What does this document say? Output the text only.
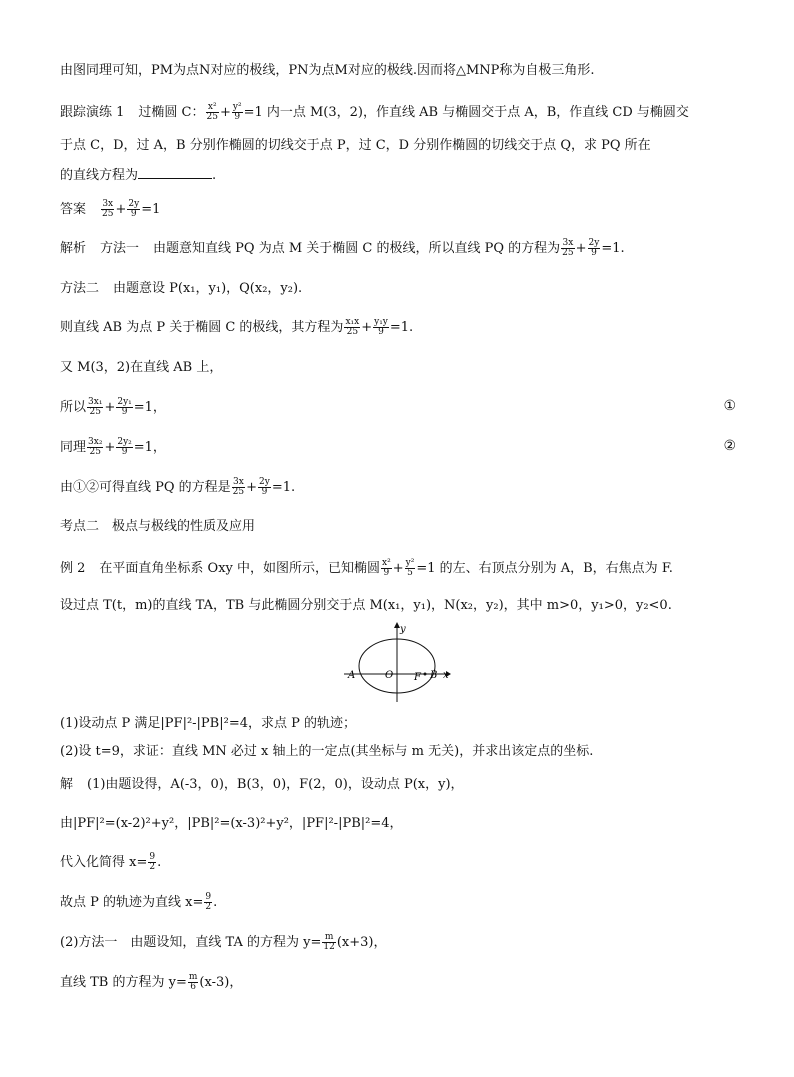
由图同理可知，PM为点N对应的极线，PN为点M对应的极线.因而将△MNP称为自极三角形.
跟踪演练 1 过椭圆 C： $\frac{\text{x²}}{25} + \frac{\text{y²}}{9} =1$ 内一点 M(3，2)，作直线 AB 与椭圆交于点 A，B，作直线 CD 与椭圆交
于点 C，D，过 A，B 分别作椭圆的切线交于点 P，过 C，D 分别作椭圆的切线交于点 Q，求 PQ 所在
的直线方程为	.
答案 $\frac{3x}{25} + \frac{2y}{9} =1$
解析 方法一 由题意知直线 PQ 为点 M 关于椭圆 C 的极线，所以直线 PQ 的方程为 $\frac{3x}{25} + \frac{2y}{9} =1$.
方法二 由题意设 P(x₁，y₁)，Q(x₂，y₂).
则直线 AB 为点 P 关于椭圆 C 的极线，其方程为 $\frac{\text{x₁x}}{25} + \frac{\text{y₁y}}{9} =1$.
又 M(3，2)在直线 AB 上，
所以 $\frac{\text{3x₁}}{25} + \frac{\text{2y₁}}{9} =1$，	①
同理 $\frac{\text{3x₂}}{25} + \frac{\text{2y₂}}{9} =1$，	②
由①②可得直线 PQ 的方程是 $\frac{3x}{25} + \frac{2y}{9} =1$.
考点二　极点与极线的性质及应用
例 2 在平面直角坐标系 Oxy 中，如图所示，已知椭圆 $\frac{\text{x²}}{9} + \frac{\text{y²}}{5} =1$ 的左、右顶点分别为 A，B，右焦点为 F.
设过点 T(t，m)的直线 TA，TB 与此椭圆分别交于点 M(x₁，y₁)，N(x₂，y₂)，其中 m>0，y₁>0，y₂<0.
y
x
A	O F B
(1)设动点 P 满足|PF|²-|PB|²=4，求点 P 的轨迹；
(2)设 t=9，求证：直线 MN 必过 x 轴上的一定点(其坐标与 m 无关)，并求出该定点的坐标.
解 (1)由题设得，A(-3，0)，B(3，0)，F(2，0)，设动点 P(x，y)，
由|PF|²=(x-2)²+y²，|PB|²=(x-3)²+y²，|PF|²-|PB|²=4，
代入化简得 $x= \frac{9}{2}$ .
故点 P 的轨迹为直线 $x= \frac{9}{2}$ .
(2)方法一　由题设知，直线 TA 的方程为 $y= \frac{m}{12} (x+3)$，
直线 TB 的方程为 $y= \frac{m}{6} (x-3)$，
